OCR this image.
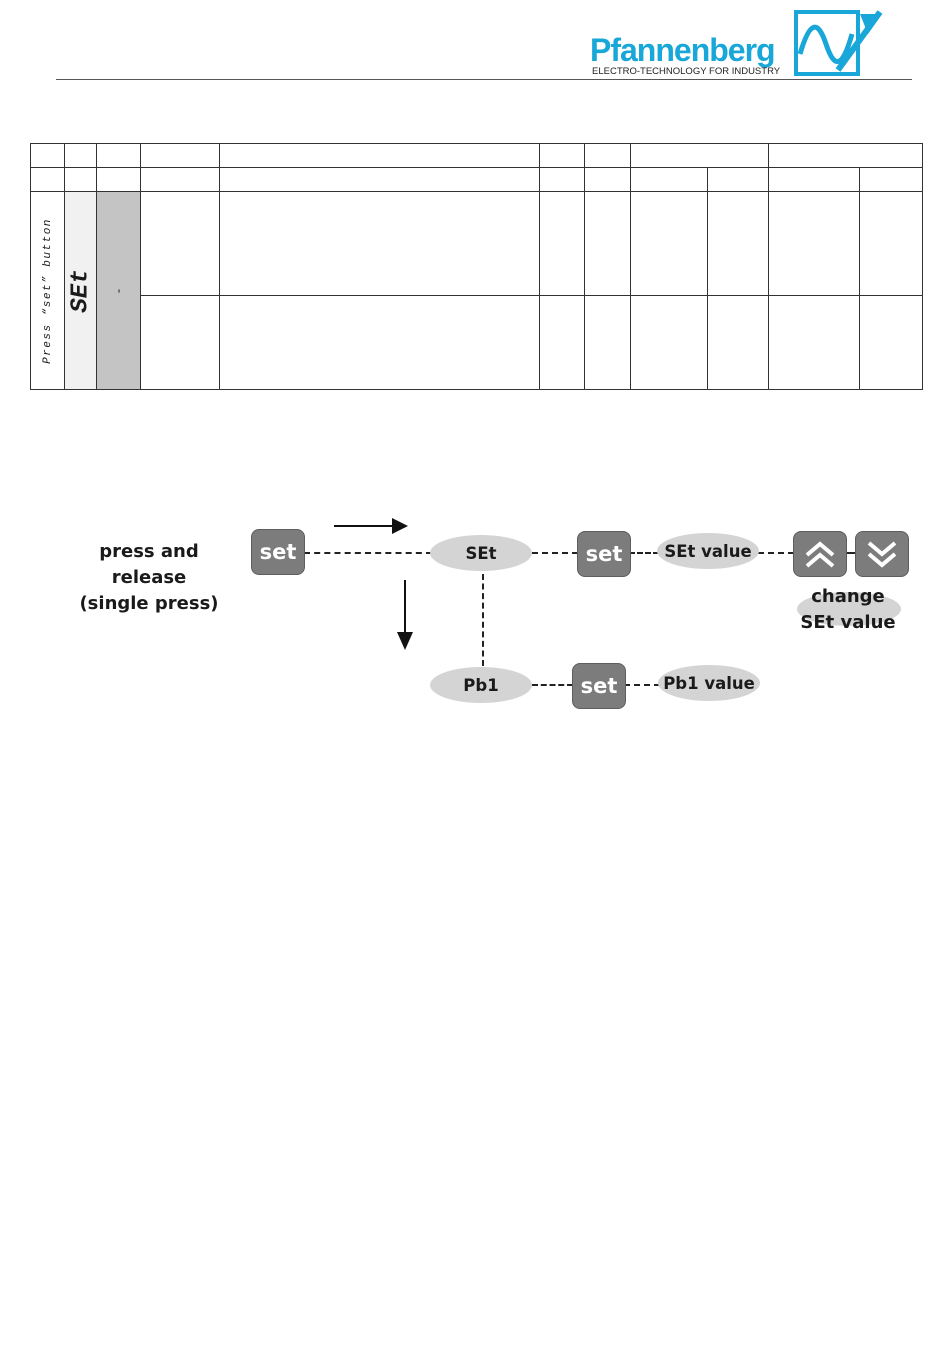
Pfannenberg
ELECTRO-TECHNOLOGY FOR INDUSTRY

Press “set” button	SEt	-								

press and release
(single press)
set	SEt	set	SEt value
change
SEt value
Pb1	set	Pb1 value
